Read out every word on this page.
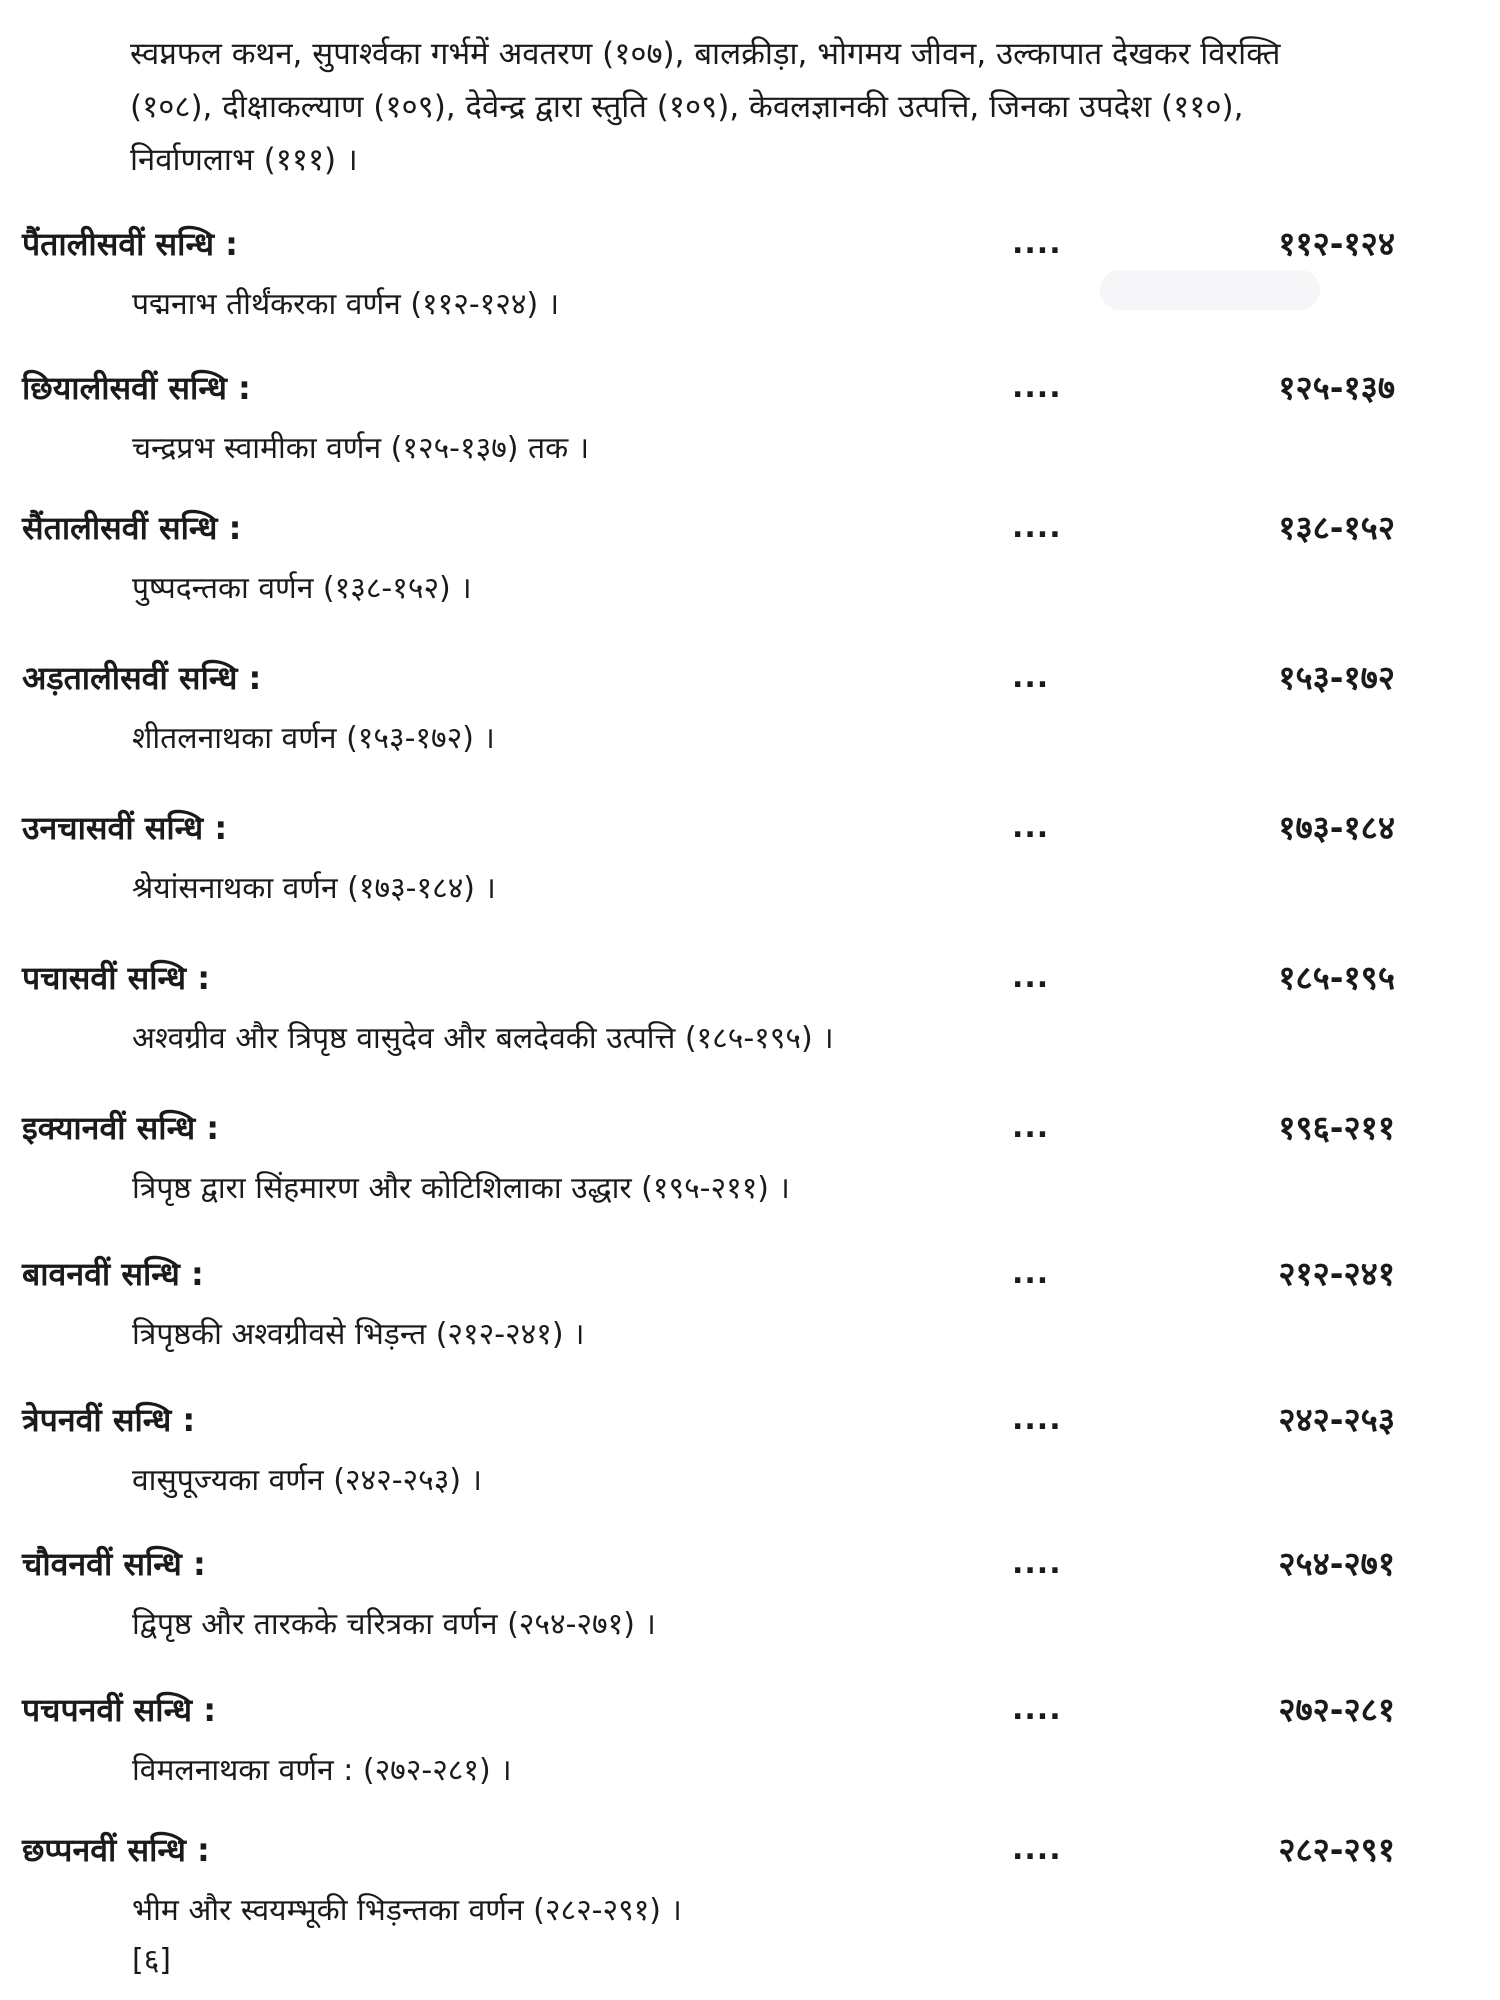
स्वप्नफल कथन, सुपार्श्वका गर्भमें अवतरण (१०७), बालक्रीड़ा, भोगमय जीवन, उल्कापात देखकर विरक्ति (१०८), दीक्षाकल्याण (१०९), देवेन्द्र द्वारा स्तुति (१०९), केवलज्ञानकी उत्पत्ति, जिनका उपदेश (११०), निर्वाणलाभ (१११) ।
पैंतालीसवीं सन्धि :	....	११२-१२४
पद्मनाभ तीर्थंकरका वर्णन (११२-१२४) ।
छियालीसवीं सन्धि :	....	१२५-१३७
चन्द्रप्रभ स्वामीका वर्णन (१२५-१३७) तक ।
सैंतालीसवीं सन्धि :	....	१३८-१५२
पुष्पदन्तका वर्णन (१३८-१५२) ।
अड़तालीसवीं सन्धि :	...	१५३-१७२
शीतलनाथका वर्णन (१५३-१७२) ।
उनचासवीं सन्धि :	...	१७३-१८४
श्रेयांसनाथका वर्णन (१७३-१८४) ।
पचासवीं सन्धि :	...	१८५-१९५
अश्वग्रीव और त्रिपृष्ठ वासुदेव और बलदेवकी उत्पत्ति (१८५-१९५) ।
इक्यानवीं सन्धि :	...	१९६-२११
त्रिपृष्ठ द्वारा सिंहमारण और कोटिशिलाका उद्धार (१९५-२११) ।
बावनवीं सन्धि :	...	२१२-२४१
त्रिपृष्ठकी अश्वग्रीवसे भिड़न्त (२१२-२४१) ।
त्रेपनवीं सन्धि :	....	२४२-२५३
वासुपूज्यका वर्णन (२४२-२५३) ।
चौवनवीं सन्धि :	....	२५४-२७१
द्विपृष्ठ और तारकके चरित्रका वर्णन (२५४-२७१) ।
पचपनवीं सन्धि :	....	२७२-२८१
विमलनाथका वर्णन : (२७२-२८१) ।
छप्पनवीं सन्धि :	....	२८२-२९१
भीम और स्वयम्भूकी भिड़न्तका वर्णन (२८२-२९१) ।
[६]
